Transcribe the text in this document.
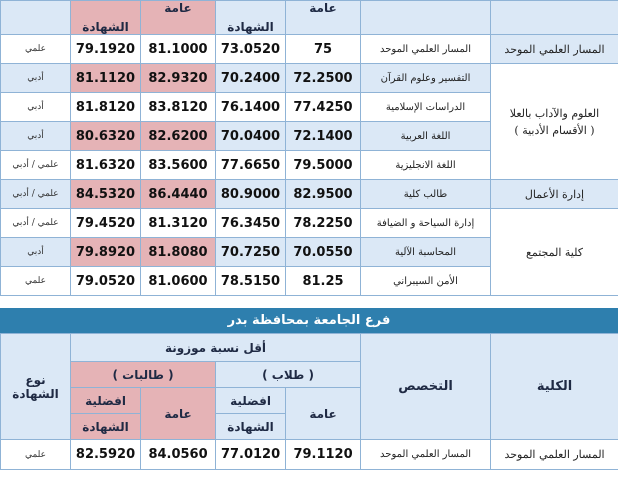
		عامة	الشهادة	عامة	الشهادة	
المسار العلمي الموحد	المسار العلمي الموحد	75	73.0520	81.1000	79.1920	علمي

العلوم والآداب بالعلا
( الأقسام الأدبية )	التفسير وعلوم القرآن	72.2500	70.2400	82.9320	81.1120	أدبي
	الدراسات الإسلامية	77.4250	76.1400	83.8120	81.8120	أدبي
	اللغة العربية	72.1400	70.0400	82.6200	80.6320	أدبي
	اللغة الانجليزية	79.5000	77.6650	83.5600	81.6320	علمي / أدبي
إدارة الأعمال	طالب كلية	82.9500	80.9000	86.4440	84.5320	علمي / أدبي
كلية المجتمع	إدارة السياحة و الضيافة	78.2250	76.3450	81.3120	79.4520	علمي / أدبي
	المحاسبة الآلية	70.0550	70.7250	81.8080	79.8920	أدبي
	الأمن السيبراني	81.25	78.5150	81.0600	79.0520	علمي
فرع الجامعة بمحافظة بدر
الكلية	التخصص	أقل نسبة موزونة				نوع
الشهادة

		( طلاب )		( طالبات )		
		عامة	افضلية	عامة	افضلية	
			الشهادة		الشهادة	
المسار العلمي الموحد	المسار العلمي الموحد	79.1120	77.0120	84.0560	82.5920	علمي
